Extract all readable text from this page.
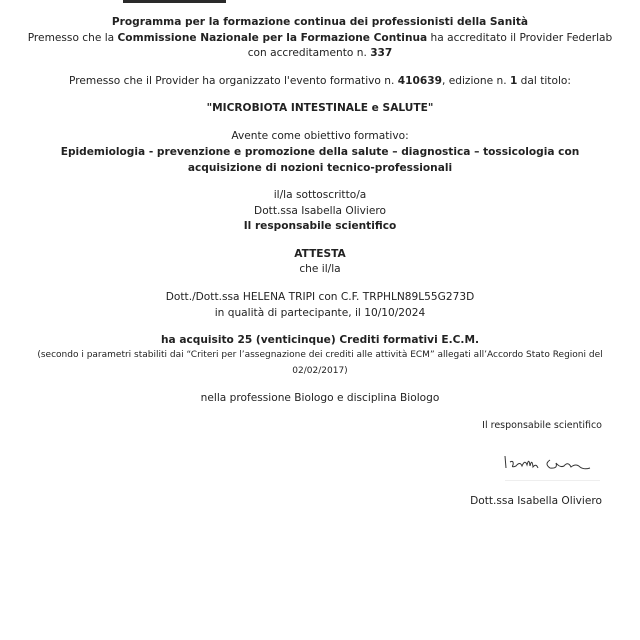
Programma per la formazione continua dei professionisti della Sanità
Premesso che la Commissione Nazionale per la Formazione Continua ha accreditato il Provider Federlab
con accreditamento n. 337
Premesso che il Provider ha organizzato l'evento formativo n. 410639, edizione n. 1 dal titolo:
"MICROBIOTA INTESTINALE e SALUTE"
Avente come obiettivo formativo:
Epidemiologia - prevenzione e promozione della salute – diagnostica – tossicologia con
acquisizione di nozioni tecnico-professionali
il/la sottoscritto/a
Dott.ssa Isabella Oliviero
Il responsabile scientifico
ATTESTA
che il/la
Dott./Dott.ssa HELENA TRIPI con C.F. TRPHLN89L55G273D
in qualità di partecipante, il 10/10/2024
ha acquisito 25 (venticinque) Crediti formativi E.C.M.
(secondo i parametri stabiliti dai “Criteri per l’assegnazione dei crediti alle attività ECM” allegati all’Accordo Stato Regioni del
02/02/2017)
nella professione Biologo e disciplina Biologo
Il responsabile scientifico
Dott.ssa Isabella Oliviero
